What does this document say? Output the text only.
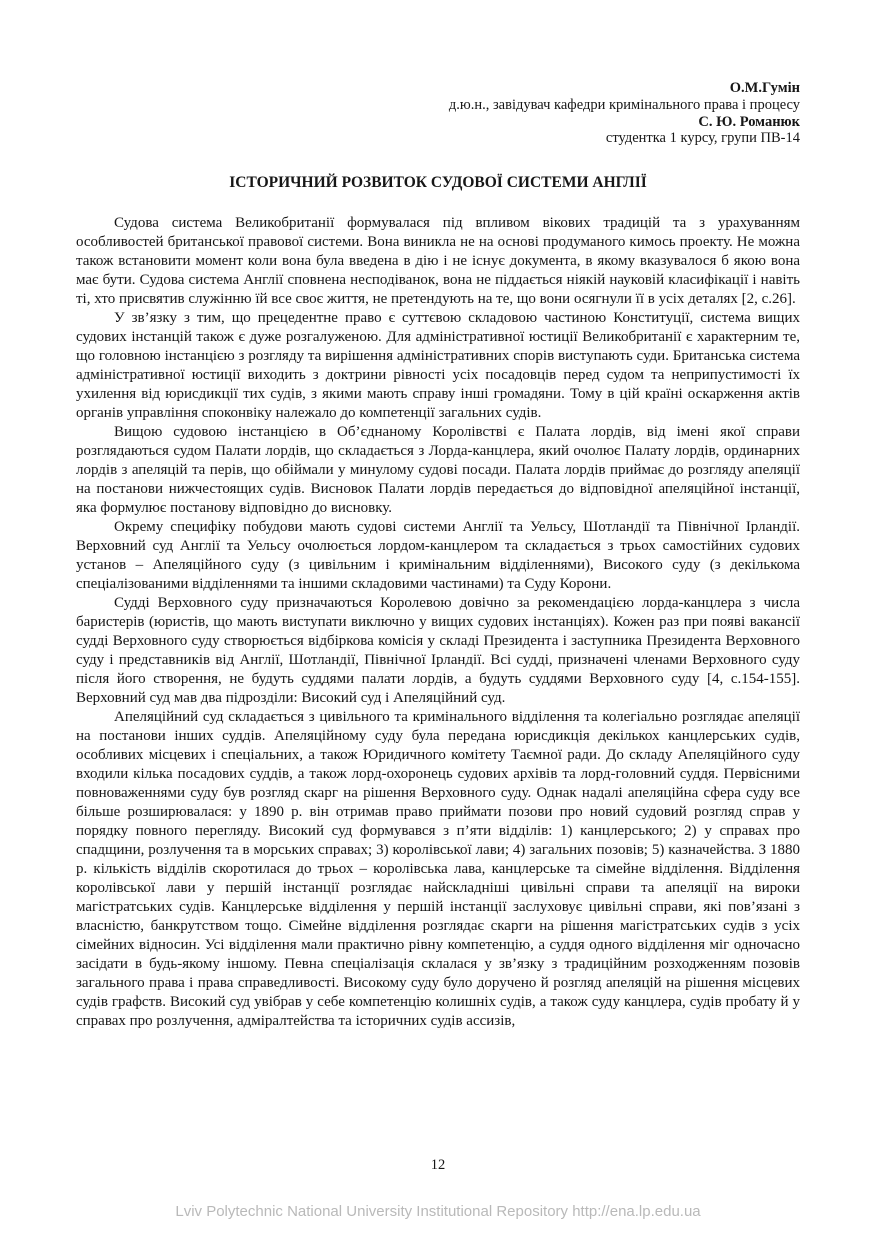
О.М.Гумін
д.ю.н., завідувач кафедри кримінального права і процесу
С. Ю. Романюк
студентка 1 курсу, групи ПВ-14
ІСТОРИЧНИЙ РОЗВИТОК СУДОВОЇ СИСТЕМИ АНГЛІЇ

Судова система Великобританії формувалася під впливом вікових традицій та з урахуванням особливостей британської правової системи. Вона виникла не на основі продуманого кимось проекту. Не можна також встановити момент коли вона була введена в дію і не існує документа, в якому вказувалося б якою вона має бути. Судова система Англії сповнена несподіванок, вона не піддається ніякій науковій класифікації і навіть ті, хто присвятив служінню їй все своє життя, не претендують на те, що вони осягнули її в усіх деталях [2, с.26].

У зв’язку з тим, що прецедентне право є суттєвою складовою частиною Конституції, система вищих судових інстанцій також є дуже розгалуженою. Для адміністративної юстиції Великобританії є характерним те, що головною інстанцією з розгляду та вирішення адміністративних спорів виступають суди. Британська система адміністративної юстиції виходить з доктрини рівності усіх посадовців перед судом та неприпустимості їх ухилення від юрисдикції тих судів, з якими мають справу інші громадяни. Тому в цій країні оскарження актів органів управління споконвіку належало до компетенції загальних судів.

Вищою судовою інстанцією в Об’єднаному Королівстві є Палата лордів, від імені якої справи розглядаються судом Палати лордів, що складається з Лорда-канцлера, який очолює Палату лордів, ординарних лордів з апеляцій та перів, що обіймали у минулому судові посади. Палата лордів приймає до розгляду апеляції на постанови нижчестоящих судів. Висновок Палати лордів передається до відповідної апеляційної інстанції, яка формулює постанову відповідно до висновку.

Окрему специфіку побудови мають судові системи Англії та Уельсу, Шотландії та Північної Ірландії. Верховний суд Англії та Уельсу очолюється лордом-канцлером та складається з трьох самостійних судових установ – Апеляційного суду (з цивільним і кримінальним відділеннями), Високого суду (з декількома спеціалізованими відділеннями та іншими складовими частинами) та Суду Корони.

Судді Верховного суду призначаються Королевою довічно за рекомендацією лорда-канцлера з числа баристерів (юристів, що мають виступати виключно у вищих судових інстанціях). Кожен раз при появі вакансії судді Верховного суду створюється відбіркова комісія у складі Президента і заступника Президента Верховного суду і представників від Англії, Шотландії, Північної Ірландії. Всі судді, призначені членами Верховного суду після його створення, не будуть суддями палати лордів, а будуть суддями Верховного суду [4, с.154-155]. Верховний суд мав два підрозділи: Високий суд і Апеляційний суд.

Апеляційний суд складається з цивільного та кримінального відділення та колегіально розглядає апеляції на постанови інших суддів. Апеляційному суду була передана юрисдикція декількох канцлерських судів, особливих місцевих і спеціальних, а також Юридичного комітету Таємної ради. До складу Апеляційного суду входили кілька посадових суддів, а також лорд-охоронець судових архівів та лорд-головний суддя. Первісними повноваженнями суду був розгляд скарг на рішення Верховного суду. Однак надалі апеляційна сфера суду все більше розширювалася: у 1890 р. він отримав право приймати позови про новий судовий розгляд справ у порядку повного перегляду. Високий суд формувався з п’яти відділів: 1) канцлерського; 2) у справах про спадщини, розлучення та в морських справах; 3) королівської лави; 4) загальних позовів; 5) казначейства. З 1880 р. кількість відділів скоротилася до трьох – королівська лава, канцлерське та сімейне відділення. Відділення королівської лави у першій інстанції розглядає найскладніші цивільні справи та апеляції на вироки магістратських судів. Канцлерське відділення у першій інстанції заслуховує цивільні справи, які пов’язані з власністю, банкрутством тощо. Сімейне відділення розглядає скарги на рішення магістратських судів з усіх сімейних відносин. Усі відділення мали практично рівну компетенцію, а суддя одного відділення міг одночасно засідати в будь-якому іншому. Певна спеціалізація склалася у зв’язку з традиційним розходженням позовів загального права і права справедливості. Високому суду було доручено й розгляд апеляцій на рішення місцевих судів графств. Високий суд увібрав у себе компетенцію колишніх судів, а також суду канцлера, судів пробату й у справах про розлучення, адміралтейства та історичних судів ассизів,

12
Lviv Polytechnic National University Institutional Repository http://ena.lp.edu.ua
